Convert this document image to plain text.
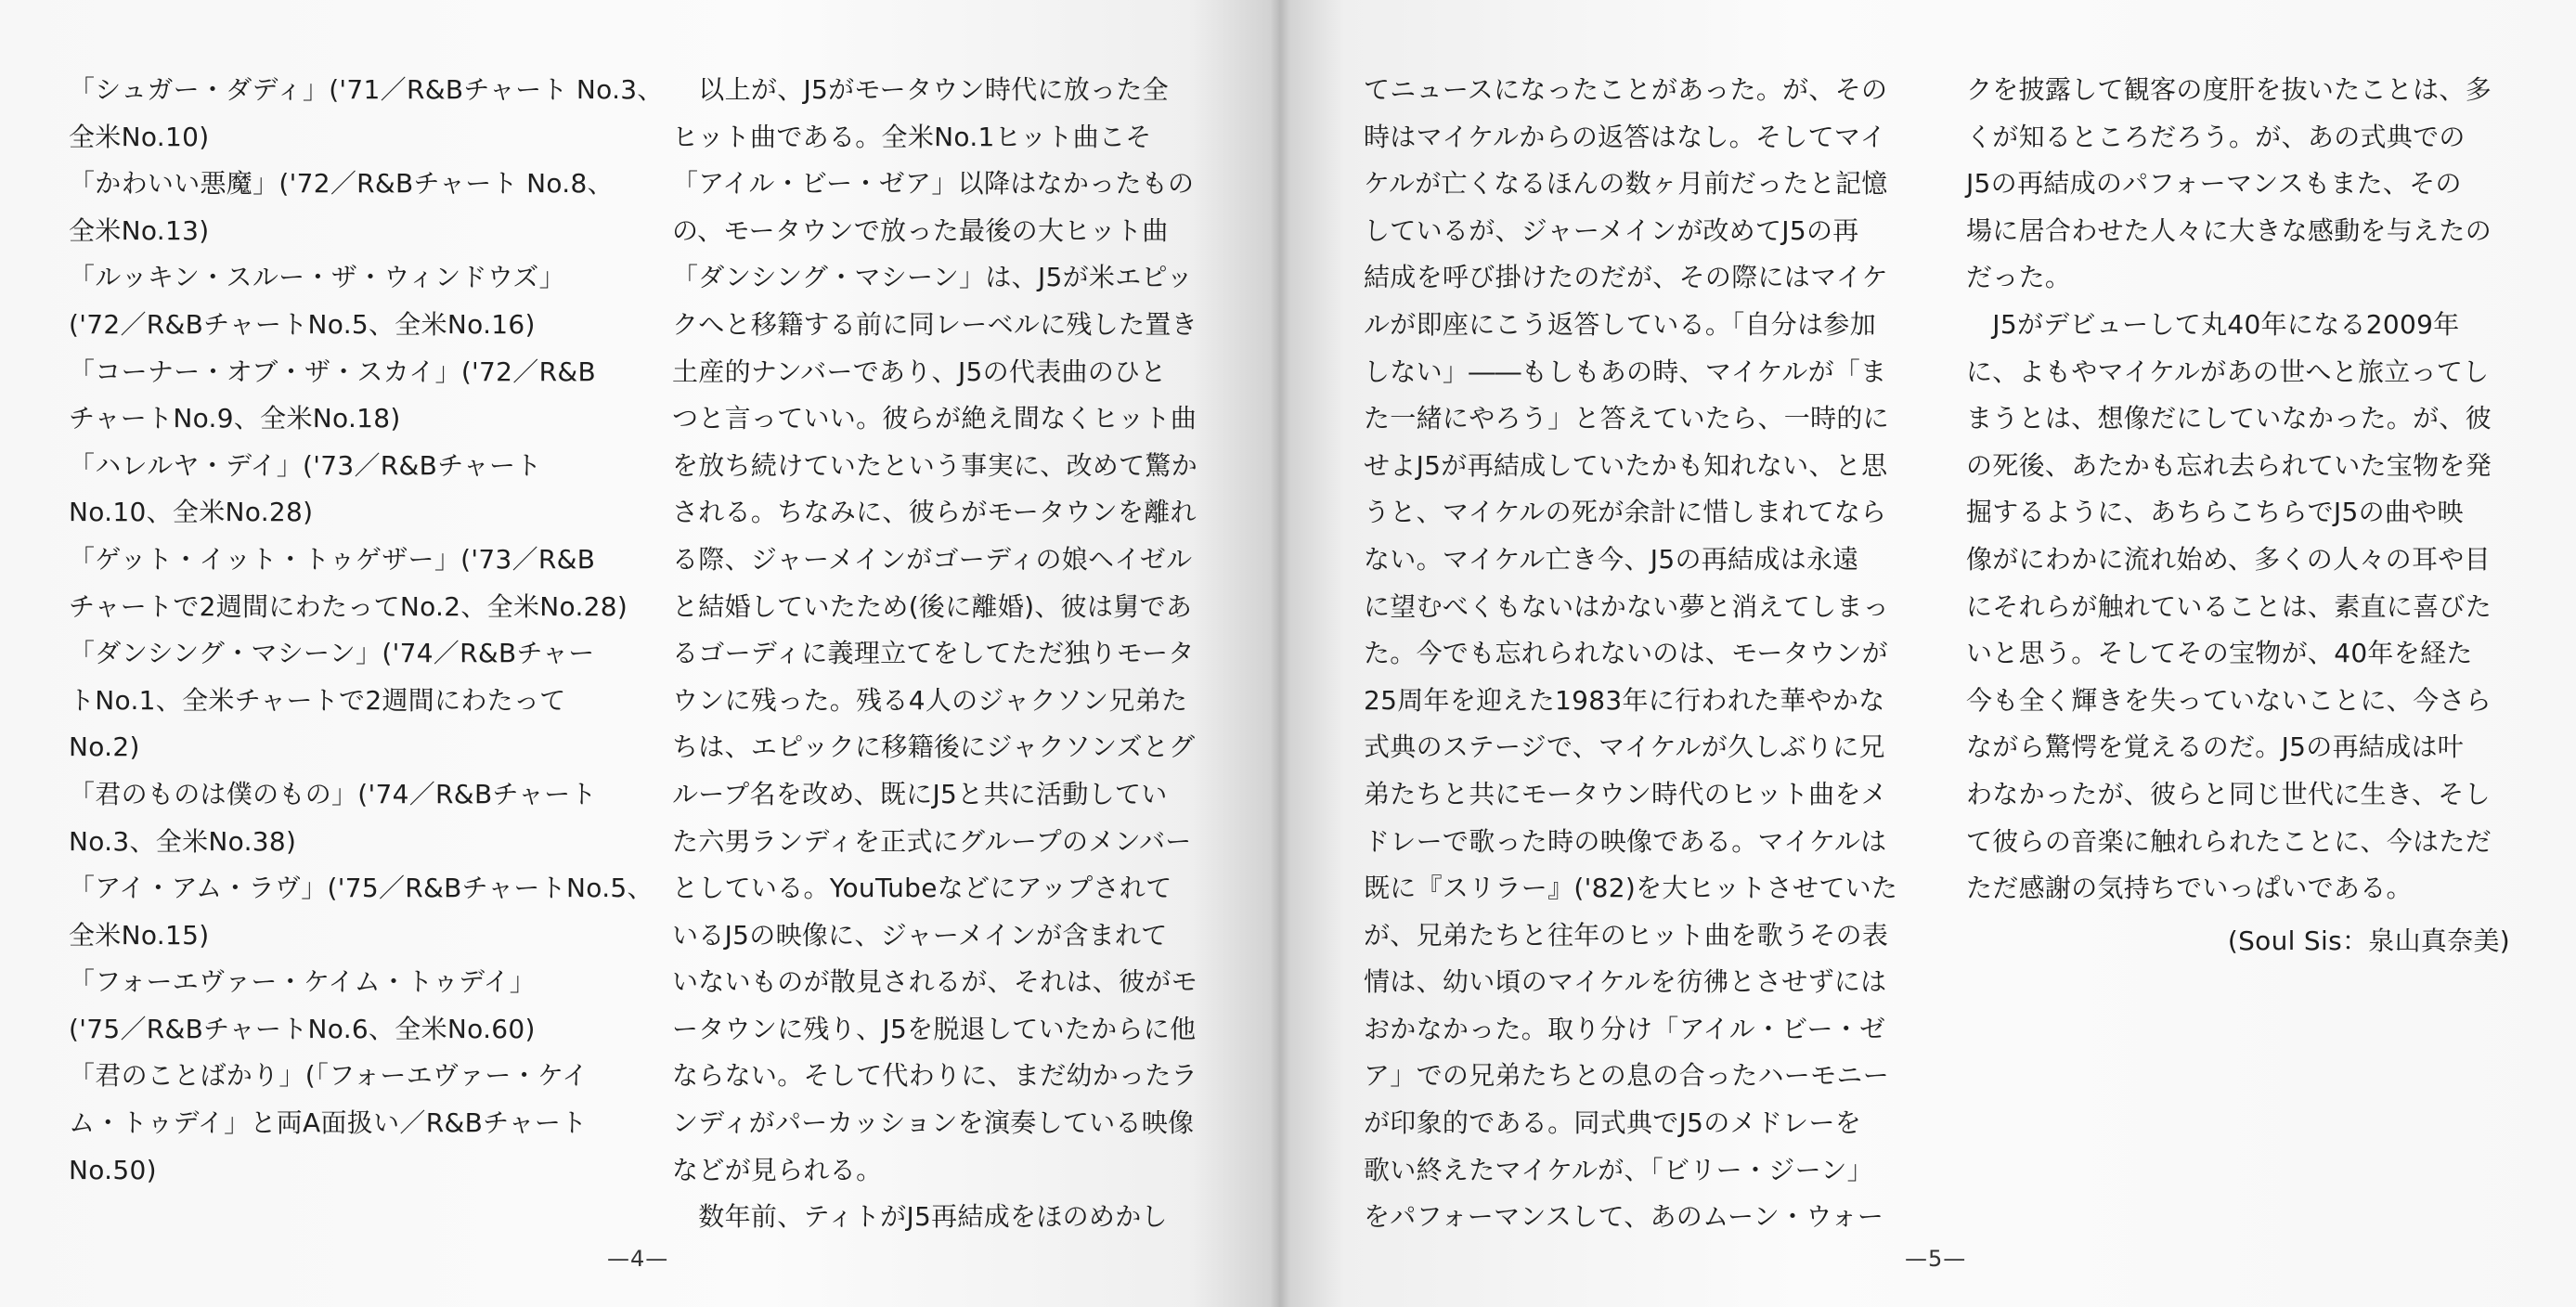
「シュガー・ダディ」('71／R&Bチャート No.3、

全米No.10)

「かわいい悪魔」('72／R&Bチャート No.8、

全米No.13)

「ルッキン・スルー・ザ・ウィンドウズ」

('72／R&BチャートNo.5、全米No.16)

「コーナー・オブ・ザ・スカイ」('72／R&B

チャートNo.9、全米No.18)

「ハレルヤ・デイ」('73／R&Bチャート

No.10、全米No.28)

「ゲット・イット・トゥゲザー」('73／R&B

チャートで2週間にわたってNo.2、全米No.28)

「ダンシング・マシーン」('74／R&Bチャー

トNo.1、全米チャートで2週間にわたって

No.2)

「君のものは僕のもの」('74／R&Bチャート

No.3、全米No.38)

「アイ・アム・ラヴ」('75／R&BチャートNo.5、

全米No.15)

「フォーエヴァー・ケイム・トゥデイ」

('75／R&BチャートNo.6、全米No.60)

「君のことばかり」(「フォーエヴァー・ケイ

ム・トゥデイ」と両A面扱い／R&Bチャート

No.50)

　以上が、J5がモータウン時代に放った全

ヒット曲である。全米No.1ヒット曲こそ

「アイル・ビー・ゼア」以降はなかったもの

の、モータウンで放った最後の大ヒット曲

「ダンシング・マシーン」は、J5が米エピッ

クへと移籍する前に同レーベルに残した置き

土産的ナンバーであり、J5の代表曲のひと

つと言っていい。彼らが絶え間なくヒット曲

を放ち続けていたという事実に、改めて驚か

される。ちなみに、彼らがモータウンを離れ

る際、ジャーメインがゴーディの娘ヘイゼル

と結婚していたため(後に離婚)、彼は舅であ

るゴーディに義理立てをしてただ独りモータ

ウンに残った。残る4人のジャクソン兄弟た

ちは、エピックに移籍後にジャクソンズとグ

ループ名を改め、既にJ5と共に活動してい

た六男ランディを正式にグループのメンバー

としている。YouTubeなどにアップされて

いるJ5の映像に、ジャーメインが含まれて

いないものが散見されるが、それは、彼がモ

ータウンに残り、J5を脱退していたからに他

ならない。そして代わりに、まだ幼かったラ

ンディがパーカッションを演奏している映像

などが見られる。

　数年前、ティトがJ5再結成をほのめかし

—4—

てニュースになったことがあった。が、その

時はマイケルからの返答はなし。そしてマイ

ケルが亡くなるほんの数ヶ月前だったと記憶

しているが、ジャーメインが改めてJ5の再

結成を呼び掛けたのだが、その際にはマイケ

ルが即座にこう返答している。「自分は参加

しない」――もしもあの時、マイケルが「ま

た一緒にやろう」と答えていたら、一時的に

せよJ5が再結成していたかも知れない、と思

うと、マイケルの死が余計に惜しまれてなら

ない。マイケル亡き今、J5の再結成は永遠

に望むべくもないはかない夢と消えてしまっ

た。今でも忘れられないのは、モータウンが

25周年を迎えた1983年に行われた華やかな

式典のステージで、マイケルが久しぶりに兄

弟たちと共にモータウン時代のヒット曲をメ

ドレーで歌った時の映像である。マイケルは

既に『スリラー』('82)を大ヒットさせていた

が、兄弟たちと往年のヒット曲を歌うその表

情は、幼い頃のマイケルを彷彿とさせずには

おかなかった。取り分け「アイル・ビー・ゼ

ア」での兄弟たちとの息の合ったハーモニー

が印象的である。同式典でJ5のメドレーを

歌い終えたマイケルが、「ビリー・ジーン」

をパフォーマンスして、あのムーン・ウォー

クを披露して観客の度肝を抜いたことは、多

くが知るところだろう。が、あの式典での

J5の再結成のパフォーマンスもまた、その

場に居合わせた人々に大きな感動を与えたの

だった。

　J5がデビューして丸40年になる2009年

に、よもやマイケルがあの世へと旅立ってし

まうとは、想像だにしていなかった。が、彼

の死後、あたかも忘れ去られていた宝物を発

掘するように、あちらこちらでJ5の曲や映

像がにわかに流れ始め、多くの人々の耳や目

にそれらが触れていることは、素直に喜びた

いと思う。そしてその宝物が、40年を経た

今も全く輝きを失っていないことに、今さら

ながら驚愕を覚えるのだ。J5の再結成は叶

わなかったが、彼らと同じ世代に生き、そし

て彼らの音楽に触れられたことに、今はただ

ただ感謝の気持ちでいっぱいである。

(Soul Sis：泉山真奈美)

—5—
